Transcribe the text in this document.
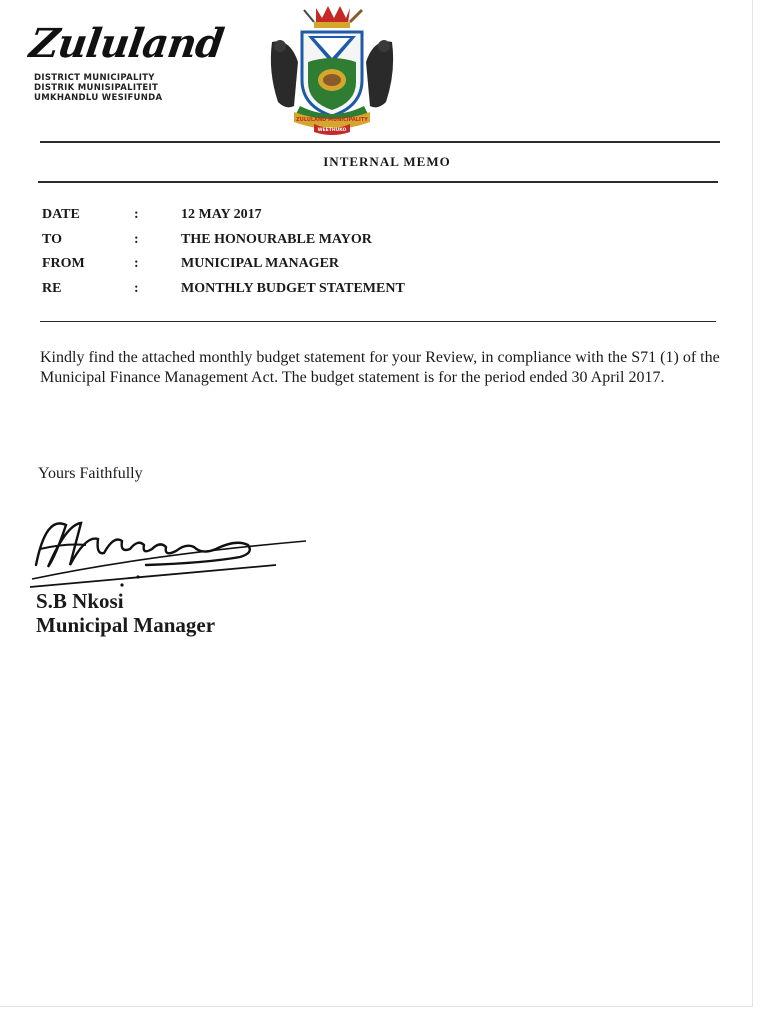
Zululand
DISTRICT MUNICIPALITY
DISTRIK MUNISIPALITEIT
UMKHANDLU WESIFUNDA
ZULULAND MUNICIPALITY
WEETHUKO
INTERNAL MEMO
DATE	:	12 MAY 2017
TO	:	THE HONOURABLE MAYOR
FROM	:	MUNICIPAL MANAGER
RE	:	MONTHLY BUDGET STATEMENT
Kindly find the attached monthly budget statement for your Review, in compliance with the S71 (1) of the Municipal Finance Management Act. The budget statement is for the period ended 30 April 2017.
Yours Faithfully
S.B Nkosi
Municipal Manager
